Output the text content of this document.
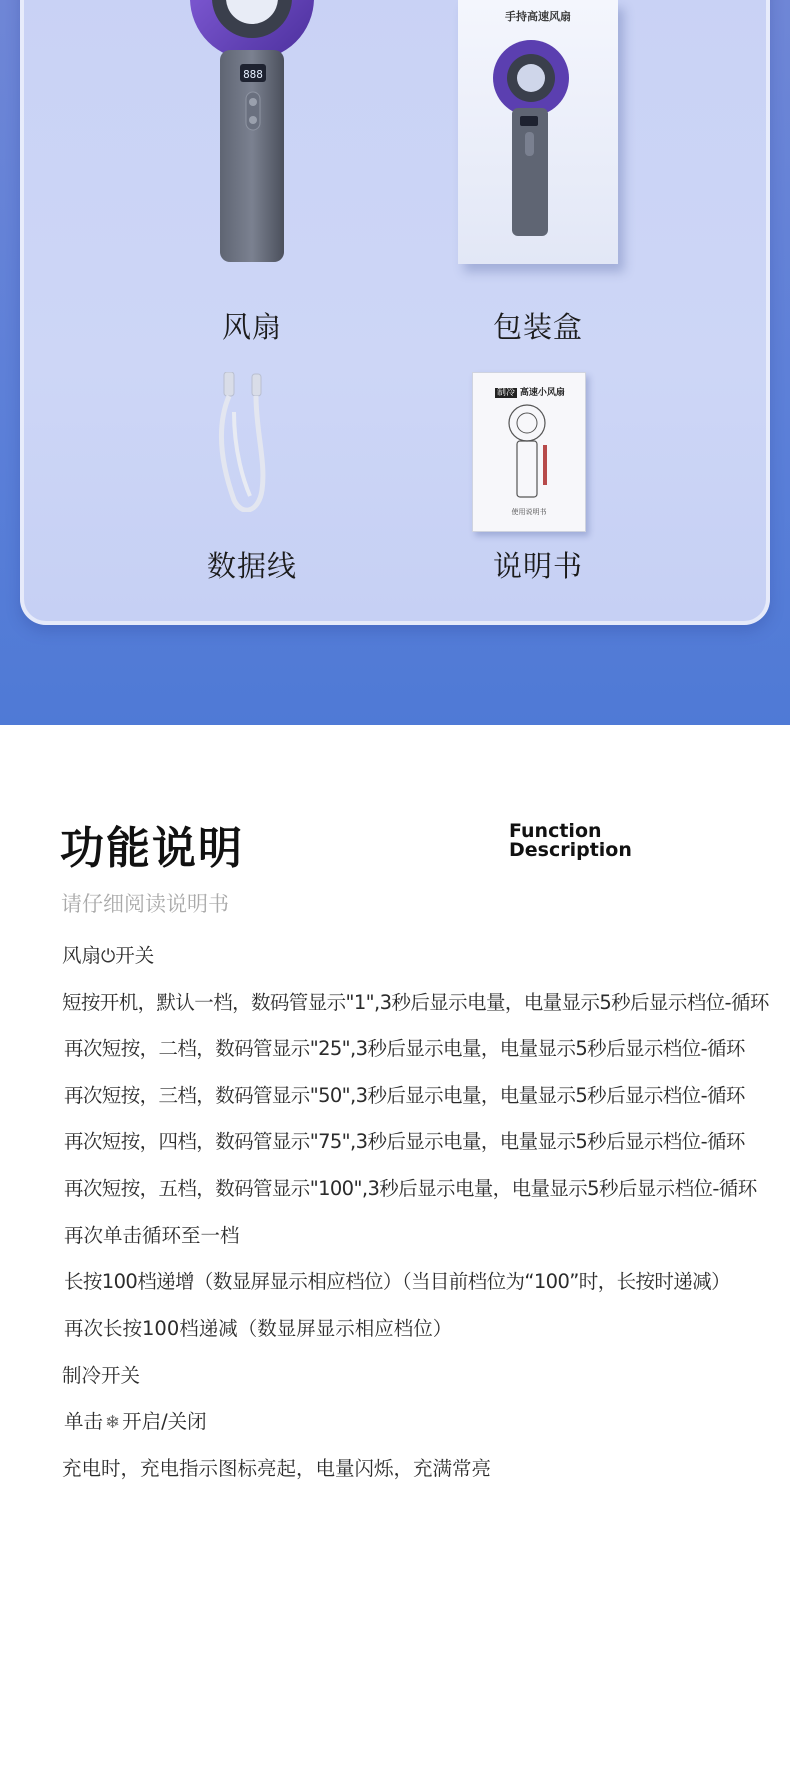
888
风扇
手持高速风扇
包装盒
数据线
制冷 高速小风扇
使用说明书
说明书
功能说明	Function
Description
请仔细阅读说明书
风扇⏻开关
短按开机，默认一档，数码管显示"1",3秒后显示电量，电量显示5秒后显示档位-循环
再次短按，二档，数码管显示"25",3秒后显示电量，电量显示5秒后显示档位-循环
再次短按，三档，数码管显示"50",3秒后显示电量，电量显示5秒后显示档位-循环
再次短按，四档，数码管显示"75",3秒后显示电量，电量显示5秒后显示档位-循环
再次短按，五档，数码管显示"100",3秒后显示电量，电量显示5秒后显示档位-循环
再次单击循环至一档
长按100档递增（数显屏显示相应档位）（当目前档位为“100”时，长按时递减）
再次长按100档递减（数显屏显示相应档位）
制冷开关
单击 ❄ 开启/关闭
充电时，充电指示图标亮起，电量闪烁，充满常亮
